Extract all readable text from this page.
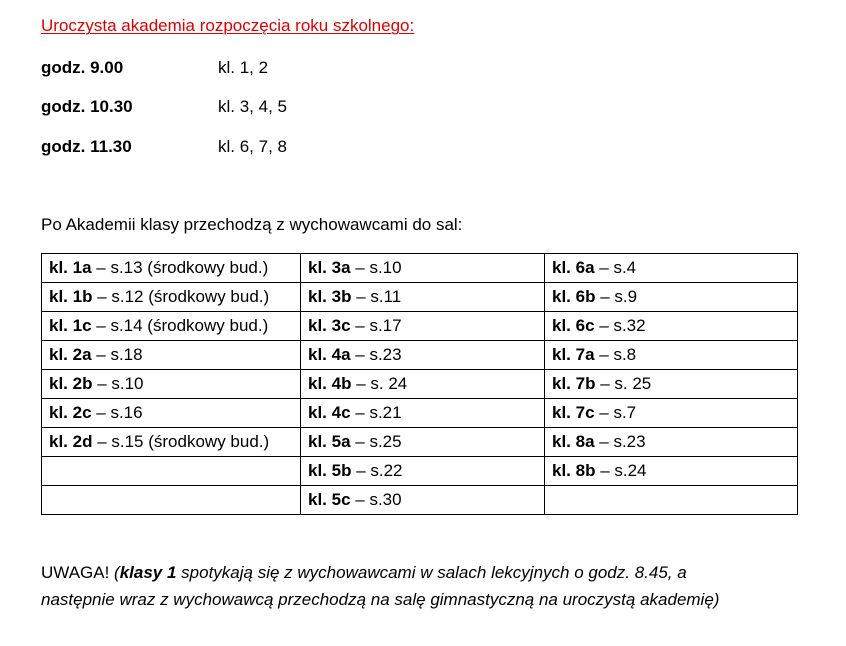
Uroczysta akademia rozpoczęcia roku szkolnego:
godz. 9.00	kl. 1, 2
godz. 10.30	kl. 3, 4, 5
godz. 11.30	kl. 6, 7, 8
Po Akademii klasy przechodzą z wychowawcami do sal:
kl. 1a – s.13 (środkowy bud.)	kl. 3a – s.10	kl. 6a – s.4
kl. 1b – s.12 (środkowy bud.)	kl. 3b – s.11	kl. 6b – s.9
kl. 1c – s.14 (środkowy bud.)	kl. 3c – s.17	kl. 6c – s.32
kl. 2a – s.18	kl. 4a – s.23	kl. 7a – s.8
kl. 2b – s.10	kl. 4b – s. 24	kl. 7b – s. 25
kl. 2c – s.16	kl. 4c – s.21	kl. 7c – s.7
kl. 2d – s.15 (środkowy bud.)	kl. 5a – s.25	kl. 8a – s.23
	kl. 5b – s.22	kl. 8b – s.24
	kl. 5c – s.30	
UWAGA! (klasy 1 spotykają się z wychowawcami w salach lekcyjnych o godz. 8.45, a
następnie wraz z wychowawcą przechodzą na salę gimnastyczną na uroczystą akademię)
